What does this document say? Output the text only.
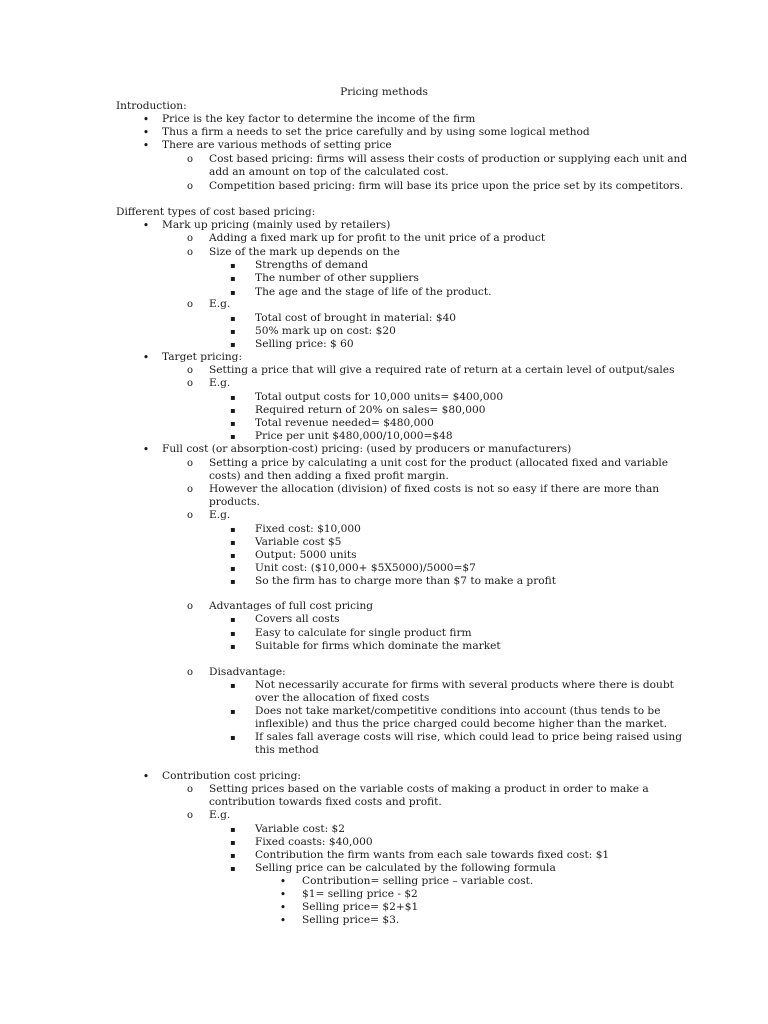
Pricing methods
Introduction:
•	Price is the key factor to determine the income of the firm
•	Thus a firm a needs to set the price carefully and by using some logical method
•	There are various methods of setting price
o	Cost based pricing: firms will assess their costs of production or supplying each unit and
add an amount on top of the calculated cost.
o	Competition based pricing: firm will base its price upon the price set by its competitors.
Different types of cost based pricing:
•	Mark up pricing (mainly used by retailers)
o	Adding a fixed mark up for profit to the unit price of a product
o	Size of the mark up depends on the
▪	Strengths of demand
▪	The number of other suppliers
▪	The age and the stage of life of the product.
o	E.g.
▪	Total cost of brought in material: $40
▪	50% mark up on cost: $20
▪	Selling price: $ 60
•	Target pricing:
o	Setting a price that will give a required rate of return at a certain level of output/sales
o	E.g.
▪	Total output costs for 10,000 units= $400,000
▪	Required return of 20% on sales= $80,000
▪	Total revenue needed= $480,000
▪	Price per unit $480,000/10,000=$48
•	Full cost (or absorption-cost) pricing: (used by producers or manufacturers)
o	Setting a price by calculating a unit cost for the product (allocated fixed and variable
costs) and then adding a fixed profit margin.
o	However the allocation (division) of fixed costs is not so easy if there are more than
products.
o	E.g.
▪	Fixed cost: $10,000
▪	Variable cost $5
▪	Output: 5000 units
▪	Unit cost: ($10,000+ $5X5000)/5000=$7
▪	So the firm has to charge more than $7 to make a profit
o	Advantages of full cost pricing
▪	Covers all costs
▪	Easy to calculate for single product firm
▪	Suitable for firms which dominate the market
o	Disadvantage:
▪	Not necessarily accurate for firms with several products where there is doubt
over the allocation of fixed costs
▪	Does not take market/competitive conditions into account (thus tends to be
inflexible) and thus the price charged could become higher than the market.
▪	If sales fall average costs will rise, which could lead to price being raised using
this method
•	Contribution cost pricing:
o	Setting prices based on the variable costs of making a product in order to make a
contribution towards fixed costs and profit.
o	E.g.
▪	Variable cost: $2
▪	Fixed coasts: $40,000
▪	Contribution the firm wants from each sale towards fixed cost: $1
▪	Selling price can be calculated by the following formula
•	Contribution= selling price – variable cost.
•	$1= selling price - $2
•	Selling price= $2+$1
•	Selling price= $3.
